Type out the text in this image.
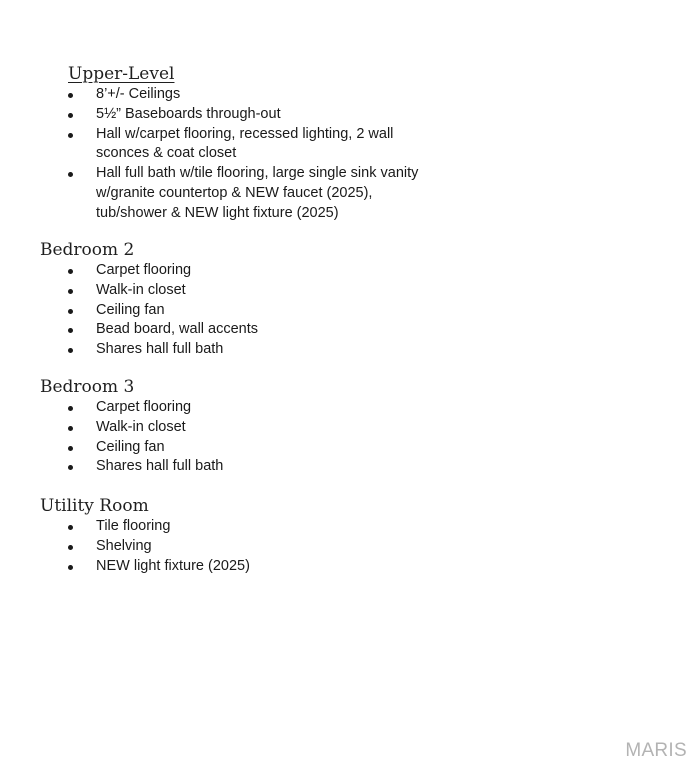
Upper-Level
8’+/- Ceilings
5½” Baseboards through-out
Hall w/carpet flooring, recessed lighting, 2 wall sconces & coat closet
Hall full bath w/tile flooring, large single sink vanity w/granite countertop & NEW faucet (2025), tub/shower & NEW light fixture (2025)
Bedroom 2
Carpet flooring
Walk-in closet
Ceiling fan
Bead board, wall accents
Shares hall full bath
Bedroom 3
Carpet flooring
Walk-in closet
Ceiling fan
Shares hall full bath
Utility Room
Tile flooring
Shelving
NEW light fixture (2025)
MARIS
